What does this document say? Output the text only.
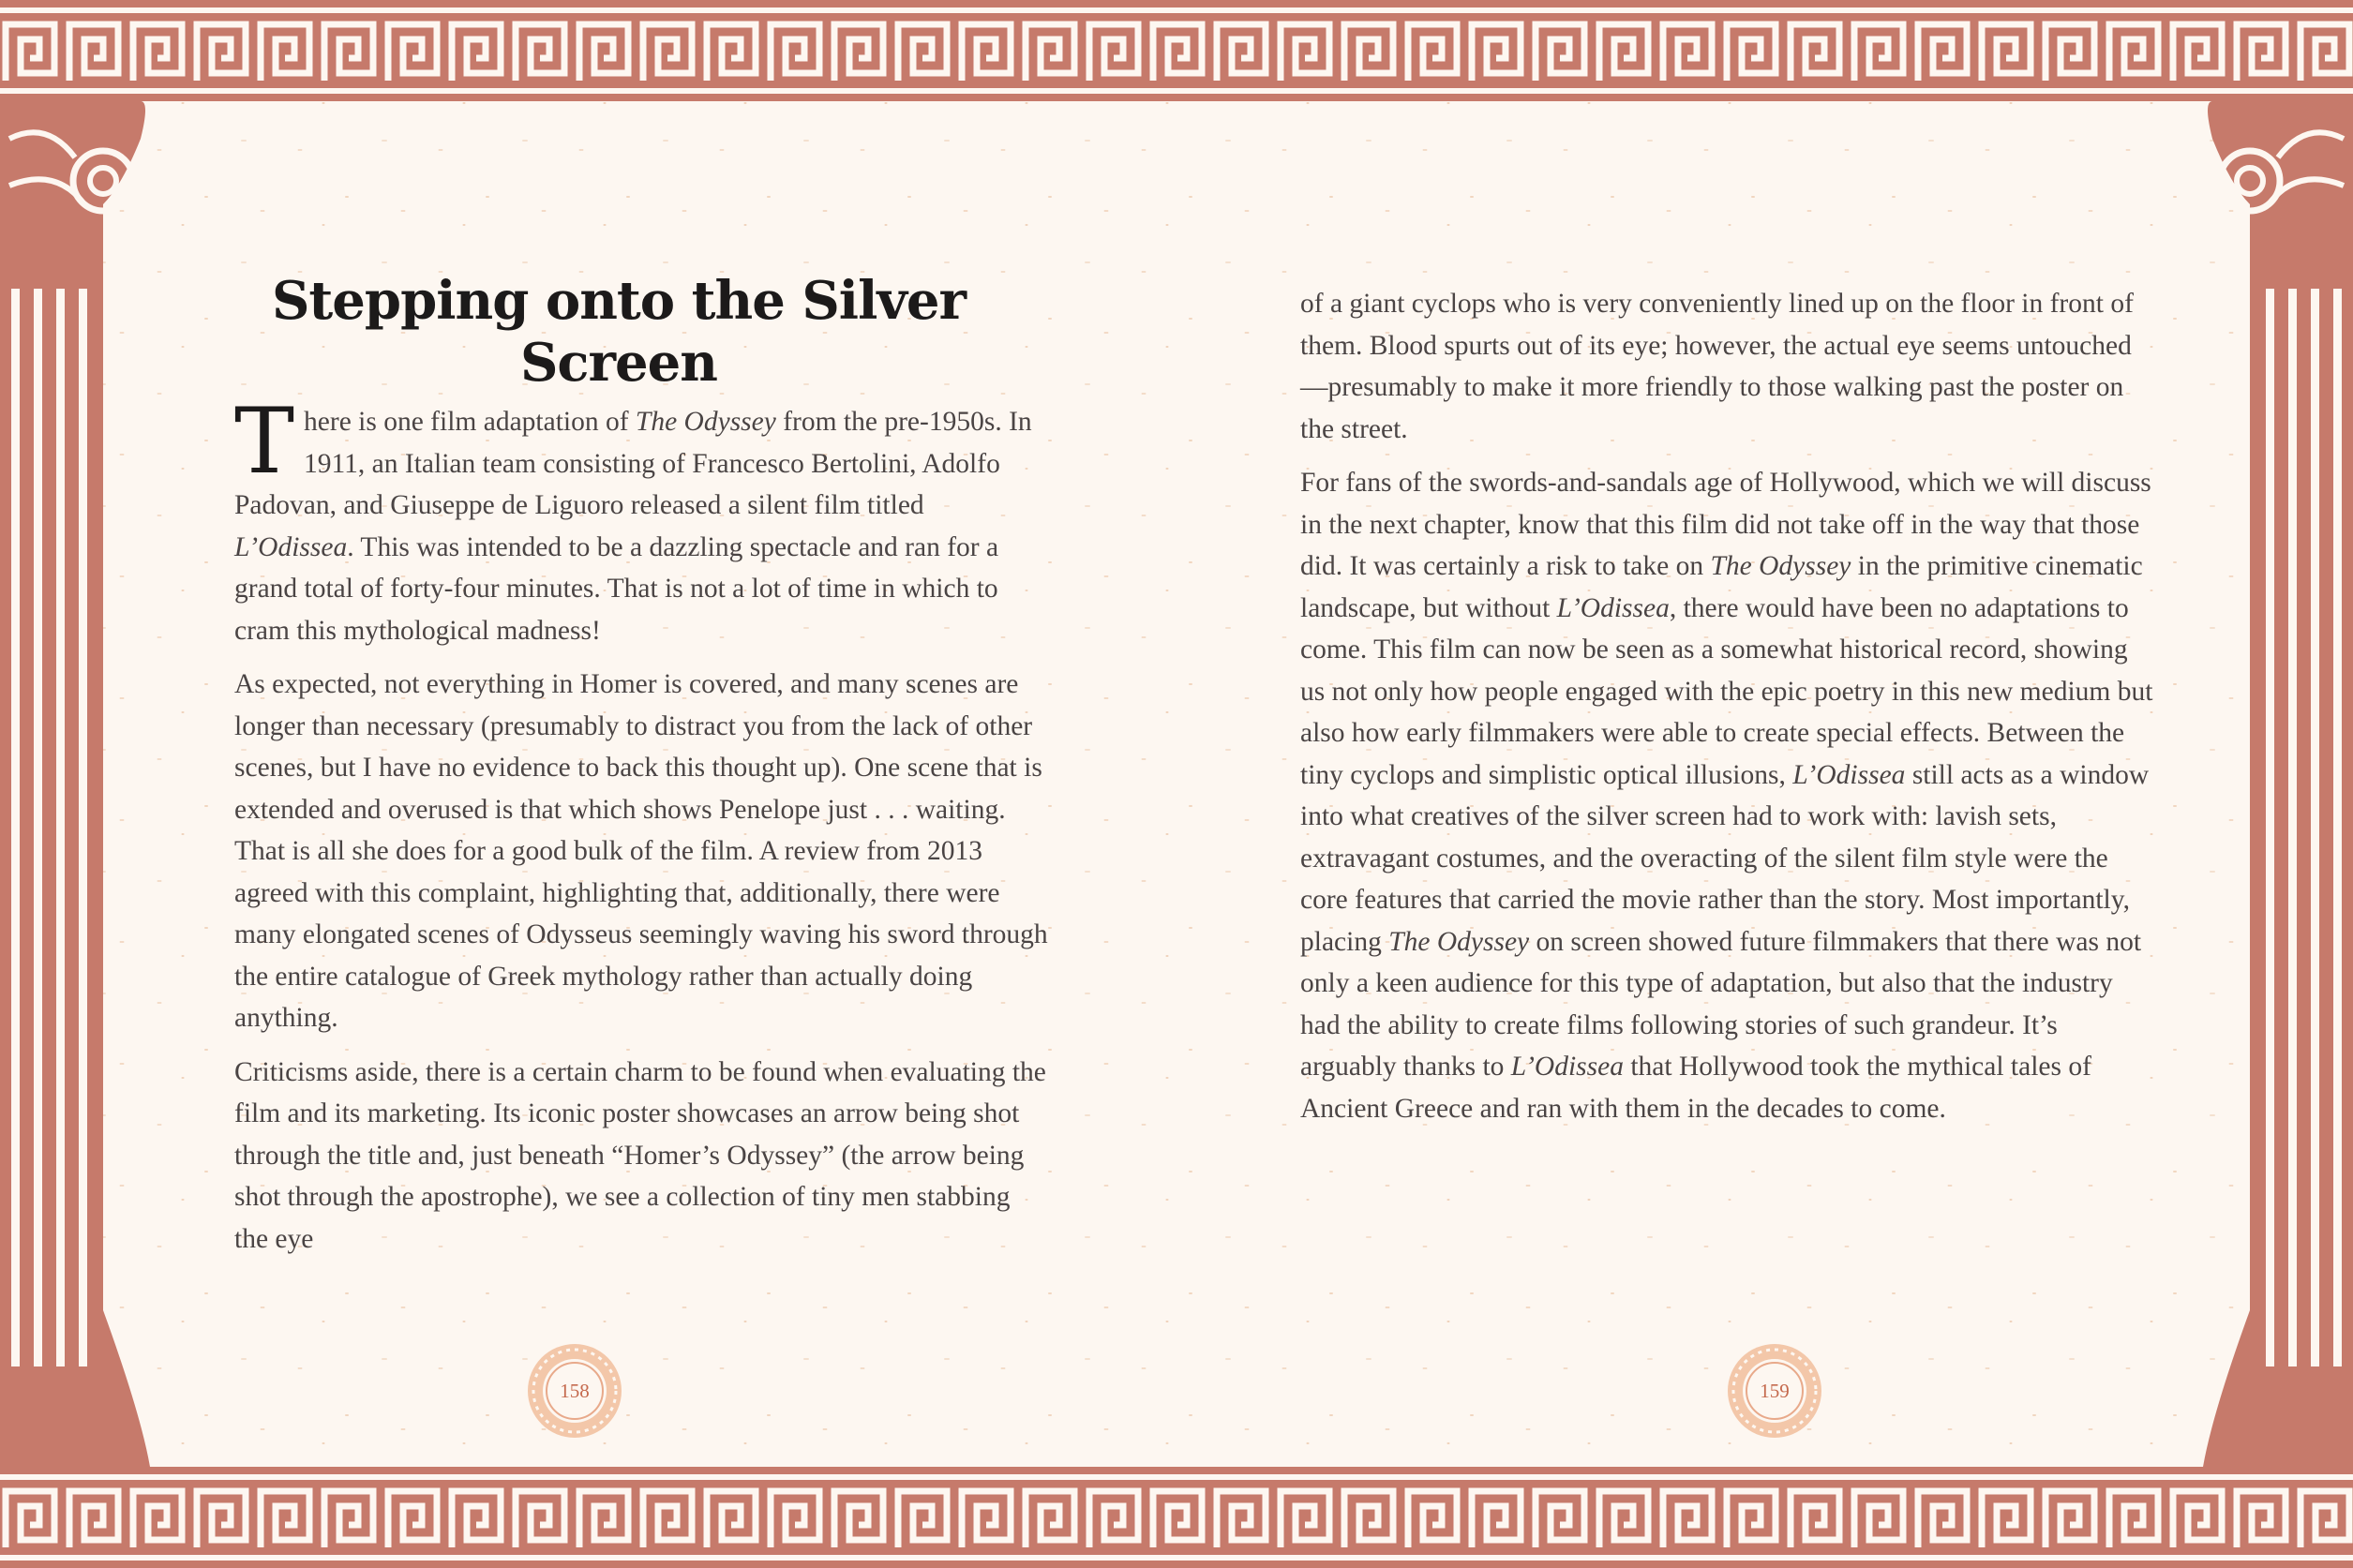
Stepping onto the Silver Screen

There is one film adaptation of The Odyssey from the pre-1950s. In 1911, an Italian team consisting of Francesco Bertolini, Adolfo Padovan, and Giuseppe de Liguoro released a silent film titled L’Odissea. This was intended to be a dazzling spectacle and ran for a grand total of forty-four minutes. That is not a lot of time in which to cram this mythological madness!

As expected, not everything in Homer is covered, and many scenes are longer than necessary (presumably to distract you from the lack of other scenes, but I have no evidence to back this thought up). One scene that is extended and overused is that which shows Penelope just . . . waiting. That is all she does for a good bulk of the film. A review from 2013 agreed with this complaint, highlighting that, additionally, there were many elongated scenes of Odysseus seemingly waving his sword through the entire catalogue of Greek mythology rather than actually doing anything.

Criticisms aside, there is a certain charm to be found when evaluating the film and its marketing. Its iconic poster showcases an arrow being shot through the title and, just beneath “Homer’s Odyssey” (the arrow being shot through the apostrophe), we see a collection of tiny men stabbing the eye

158

of a giant cyclops who is very conveniently lined up on the floor in front of them. Blood spurts out of its eye; however, the actual eye seems untouched—presumably to make it more friendly to those walking past the poster on the street.

For fans of the swords-and-sandals age of Hollywood, which we will discuss in the next chapter, know that this film did not take off in the way that those did. It was certainly a risk to take on The Odyssey in the primitive cinematic landscape, but without L’Odissea, there would have been no adaptations to come. This film can now be seen as a somewhat historical record, showing us not only how people engaged with the epic poetry in this new medium but also how early filmmakers were able to create special effects. Between the tiny cyclops and simplistic optical illusions, L’Odissea still acts as a window into what creatives of the silver screen had to work with: lavish sets, extravagant costumes, and the overacting of the silent film style were the core features that carried the movie rather than the story. Most importantly, placing The Odyssey on screen showed future filmmakers that there was not only a keen audience for this type of adaptation, but also that the industry had the ability to create films following stories of such grandeur. It’s arguably thanks to L’Odissea that Hollywood took the mythical tales of Ancient Greece and ran with them in the decades to come.

159
